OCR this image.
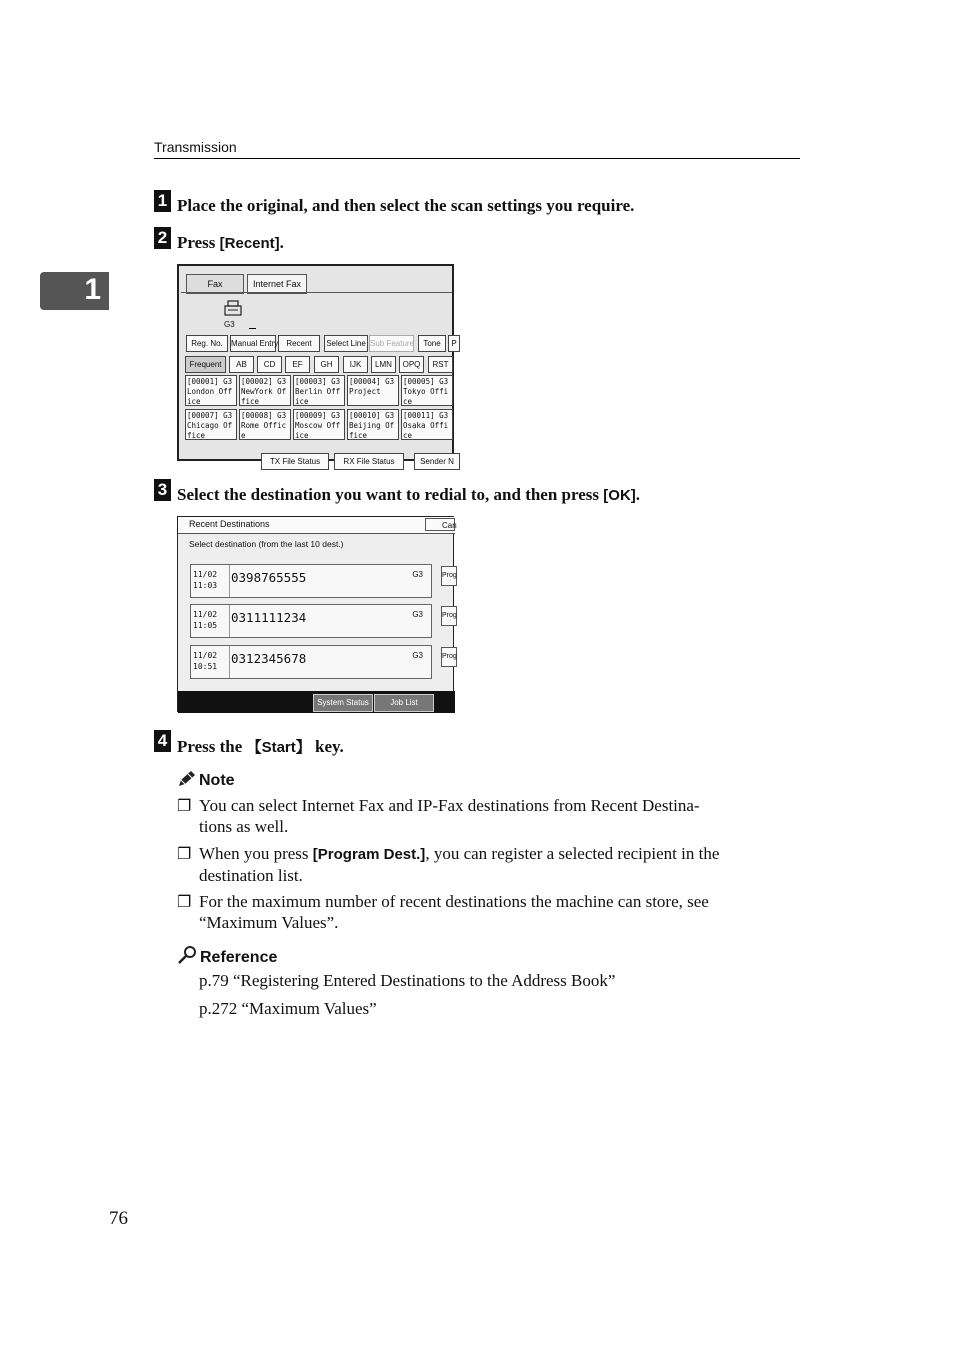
Transmission
1
1 Place the original, and then select the scan settings you require.
2 Press [Recent].
Fax	Internet Fax
G3
Reg. No.	Manual Entry	Recent	Select Line Sub Feature	Tone	P
Frequent	AB	CD	EF	GH	IJK	LMN	OPQ	RST
[00001] G3 London Office
[00002] G3 NewYork Office
[00003] G3 Berlin Office
[00004] G3 Project
[00005] G3 Tokyo Office
[00007] G3 Chicago Office
[00008] G3 Rome Office
[00009] G3 Moscow Office
[00010] G3 Beijing Office
[00011] G3 Osaka Office
TX File Status	RX File Status	Sender N
3 Select the destination you want to redial to, and then press [OK].
Recent Destinations	Can
Select destination (from the last 10 dest.)
11/02
11:03
0398765555	G3	Prog
11/02
11:05
0311111234	G3	Prog
11/02
10:51
0312345678	G3	Prog
System Status	Job List
4 Press the 【Start】 key.
Note
❐ You can select Internet Fax and IP-Fax destinations from Recent Destina-
tions as well.
❐ When you press [Program Dest.], you can register a selected recipient in the
destination list.
❐ For the maximum number of recent destinations the machine can store, see
“Maximum Values”.
Reference
p.79 “Registering Entered Destinations to the Address Book”
p.272 “Maximum Values”
76
